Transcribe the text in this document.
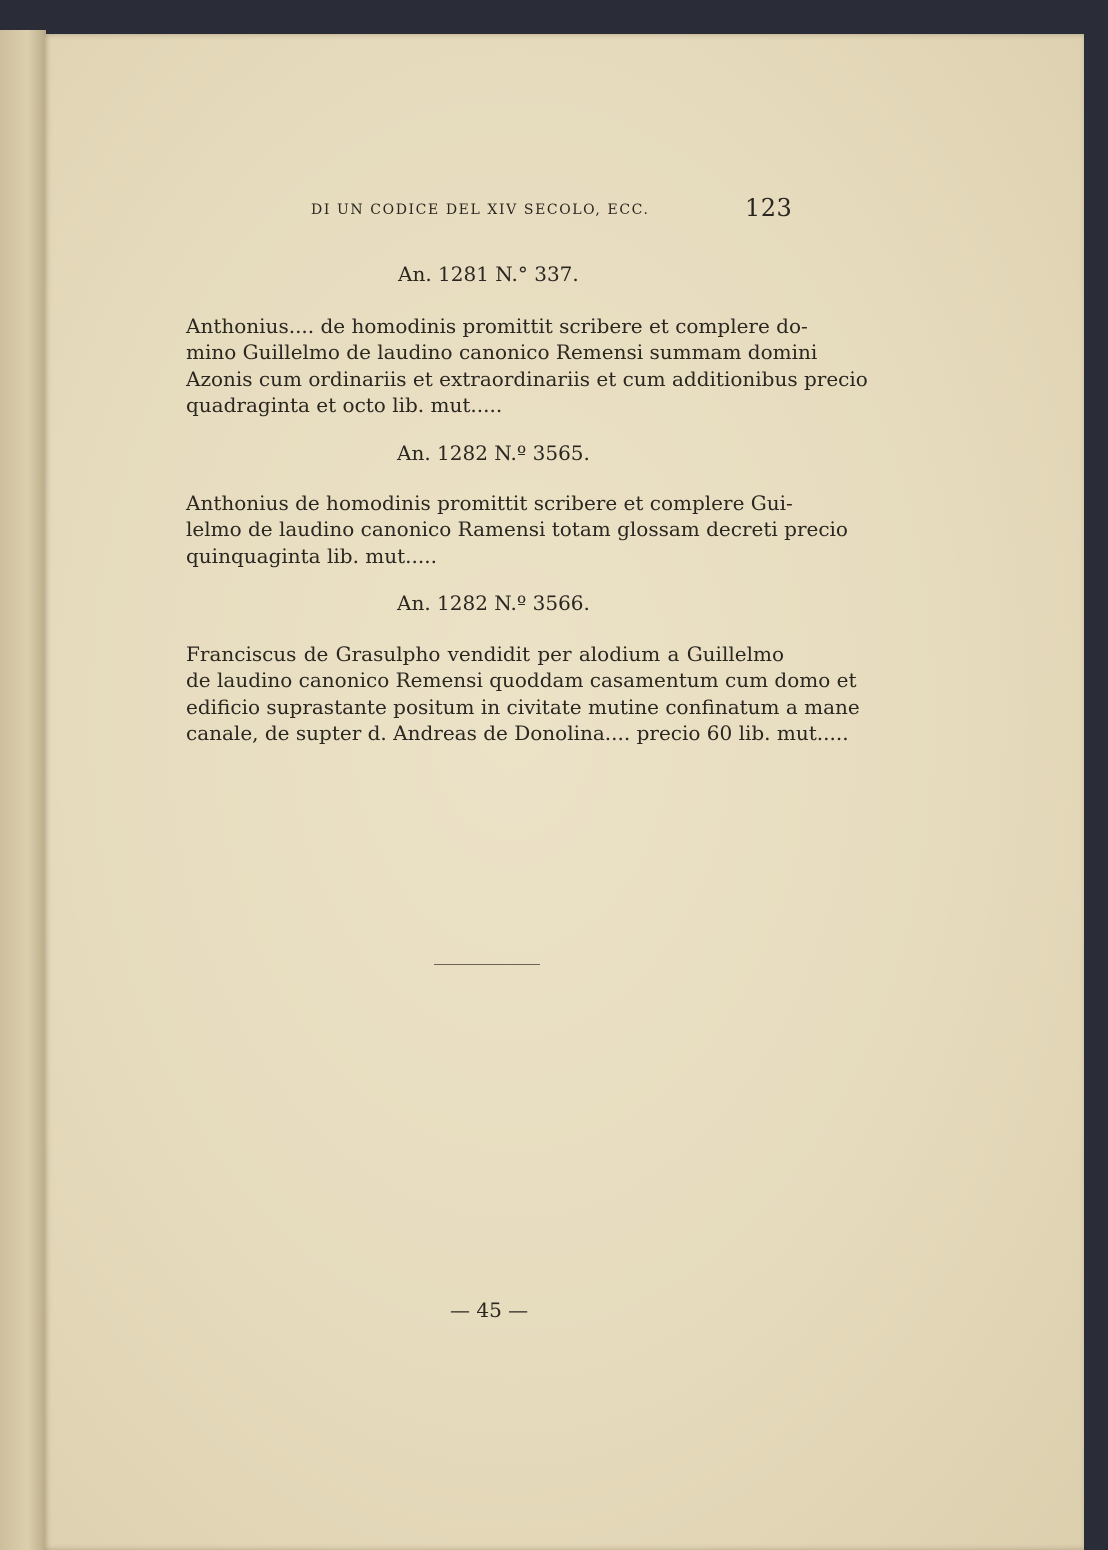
DI UN CODICE DEL XIV SECOLO, ECC.	123
An. 1281 N.° 337.
Anthonius.... de homodinis promittit scribere et complere do-
mino Guillelmo de laudino canonico Remensi summam domini
Azonis cum ordinariis et extraordinariis et cum additionibus precio
quadraginta et octo lib. mut.....
An. 1282 N.º 3565.
Anthonius de homodinis promittit scribere et complere Gui-
lelmo de laudino canonico Ramensi totam glossam decreti precio
quinquaginta lib. mut.....
An. 1282 N.º 3566.
Franciscus de Grasulpho vendidit per alodium a Guillelmo
de laudino canonico Remensi quoddam casamentum cum domo et
edificio suprastante positum in civitate mutine confinatum a mane
canale, de supter d. Andreas de Donolina.... precio 60 lib. mut.....
— 45 —
